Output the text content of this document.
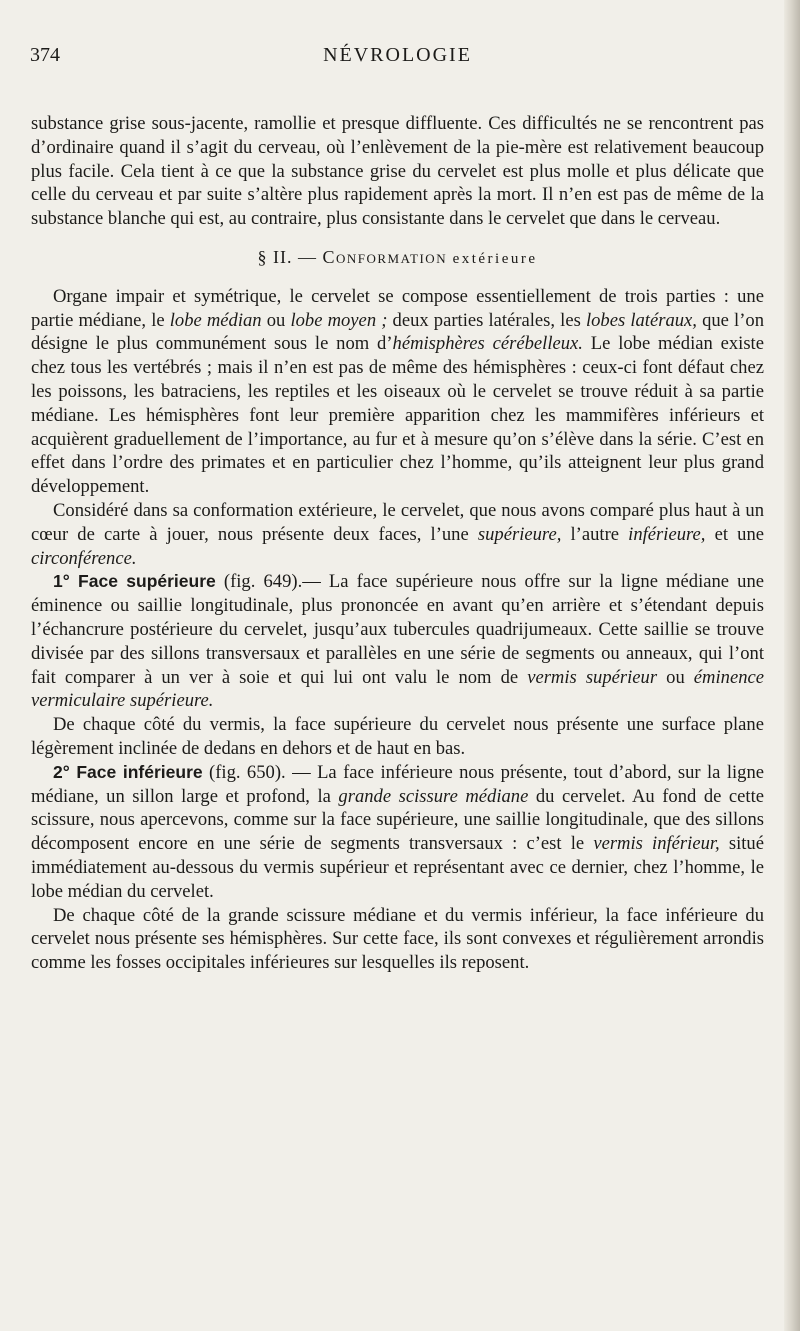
374	NÉVROLOGIE

substance grise sous-jacente, ramollie et presque diffluente. Ces difficultés ne se rencontrent pas d’ordinaire quand il s’agit du cerveau, où l’enlèvement de la pie-mère est relativement beaucoup plus facile. Cela tient à ce que la substance grise du cervelet est plus molle et plus délicate que celle du cerveau et par suite s’altère plus rapidement après la mort. Il n’en est pas de même de la substance blanche qui est, au contraire, plus consistante dans le cervelet que dans le cerveau.

§ II. — Conformation extérieure

Organe impair et symétrique, le cervelet se compose essentiellement de trois parties : une partie médiane, le lobe médian ou lobe moyen ; deux parties latérales, les lobes latéraux, que l’on désigne le plus communément sous le nom d’hémisphères cérébelleux. Le lobe médian existe chez tous les vertébrés ; mais il n’en est pas de même des hémisphères : ceux-ci font défaut chez les poissons, les batraciens, les reptiles et les oiseaux où le cervelet se trouve réduit à sa partie médiane. Les hémisphères font leur première apparition chez les mammifères inférieurs et acquièrent graduellement de l’importance, au fur et à mesure qu’on s’élève dans la série. C’est en effet dans l’ordre des primates et en particulier chez l’homme, qu’ils atteignent leur plus grand développement.

Considéré dans sa conformation extérieure, le cervelet, que nous avons comparé plus haut à un cœur de carte à jouer, nous présente deux faces, l’une supérieure, l’autre inférieure, et une circonférence.

1° Face supérieure (fig. 649).— La face supérieure nous offre sur la ligne médiane une éminence ou saillie longitudinale, plus prononcée en avant qu’en arrière et s’étendant depuis l’échancrure postérieure du cervelet, jusqu’aux tubercules quadrijumeaux. Cette saillie se trouve divisée par des sillons transversaux et parallèles en une série de segments ou anneaux, qui l’ont fait comparer à un ver à soie et qui lui ont valu le nom de vermis supérieur ou éminence vermiculaire supérieure.

De chaque côté du vermis, la face supérieure du cervelet nous présente une surface plane légèrement inclinée de dedans en dehors et de haut en bas.

2° Face inférieure (fig. 650). — La face inférieure nous présente, tout d’abord, sur la ligne médiane, un sillon large et profond, la grande scissure médiane du cervelet. Au fond de cette scissure, nous apercevons, comme sur la face supérieure, une saillie longitudinale, que des sillons décomposent encore en une série de segments transversaux : c’est le vermis inférieur, situé immédiatement au-dessous du vermis supérieur et représentant avec ce dernier, chez l’homme, le lobe médian du cervelet.

De chaque côté de la grande scissure médiane et du vermis inférieur, la face inférieure du cervelet nous présente ses hémisphères. Sur cette face, ils sont convexes et régulièrement arrondis comme les fosses occipitales inférieures sur lesquelles ils reposent.
